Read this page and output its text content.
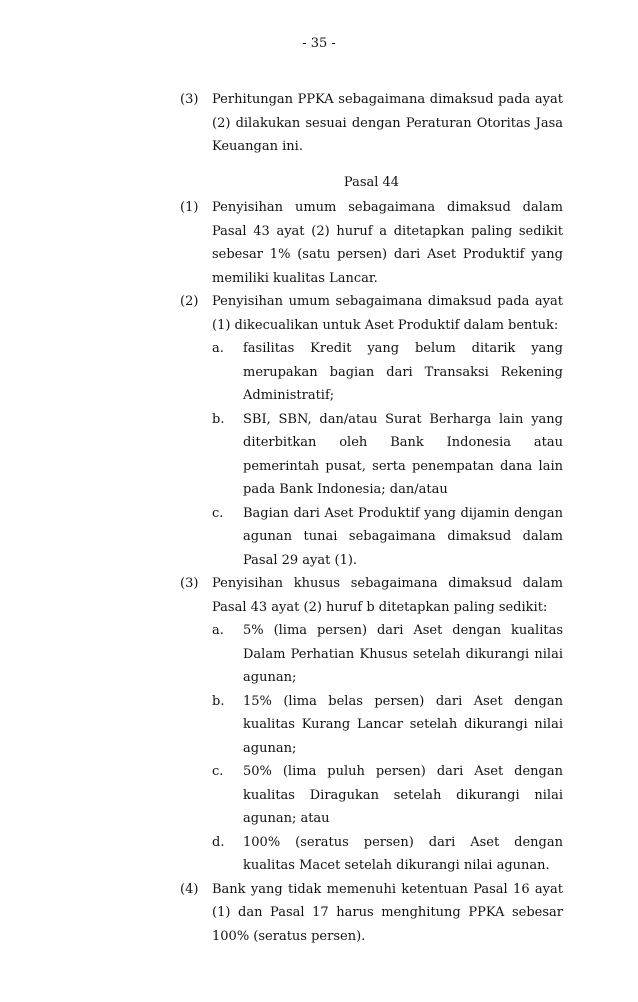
- 35 -
(3)	Perhitungan PPKA sebagaimana dimaksud pada ayat (2) dilakukan sesuai dengan Peraturan Otoritas Jasa Keuangan ini.

Pasal 44
(1)	Penyisihan umum sebagaimana dimaksud dalam Pasal 43 ayat (2) huruf a ditetapkan paling sedikit sebesar 1% (satu persen) dari Aset Produktif yang memiliki kualitas Lancar.

(2)	Penyisihan umum sebagaimana dimaksud pada ayat (1) dikecualikan untuk Aset Produktif dalam bentuk:

a.	fasilitas Kredit yang belum ditarik yang merupakan bagian dari Transaksi Rekening Administratif;

b.	SBI, SBN, dan/atau Surat Berharga lain yang diterbitkan oleh Bank Indonesia atau pemerintah pusat, serta penempatan dana lain pada Bank Indonesia; dan/atau

c.	Bagian dari Aset Produktif yang dijamin dengan agunan tunai sebagaimana dimaksud dalam Pasal 29 ayat (1).

(3)	Penyisihan khusus sebagaimana dimaksud dalam Pasal 43 ayat (2) huruf b ditetapkan paling sedikit:

a.	5% (lima persen) dari Aset dengan kualitas Dalam Perhatian Khusus setelah dikurangi nilai agunan;

b.	15% (lima belas persen) dari Aset dengan kualitas Kurang Lancar setelah dikurangi nilai agunan;

c.	50% (lima puluh persen) dari Aset dengan kualitas Diragukan setelah dikurangi nilai agunan; atau

d.	100% (seratus persen) dari Aset dengan kualitas Macet setelah dikurangi nilai agunan.

(4)	Bank yang tidak memenuhi ketentuan Pasal 16 ayat (1) dan Pasal 17 harus menghitung PPKA sebesar 100% (seratus persen).
